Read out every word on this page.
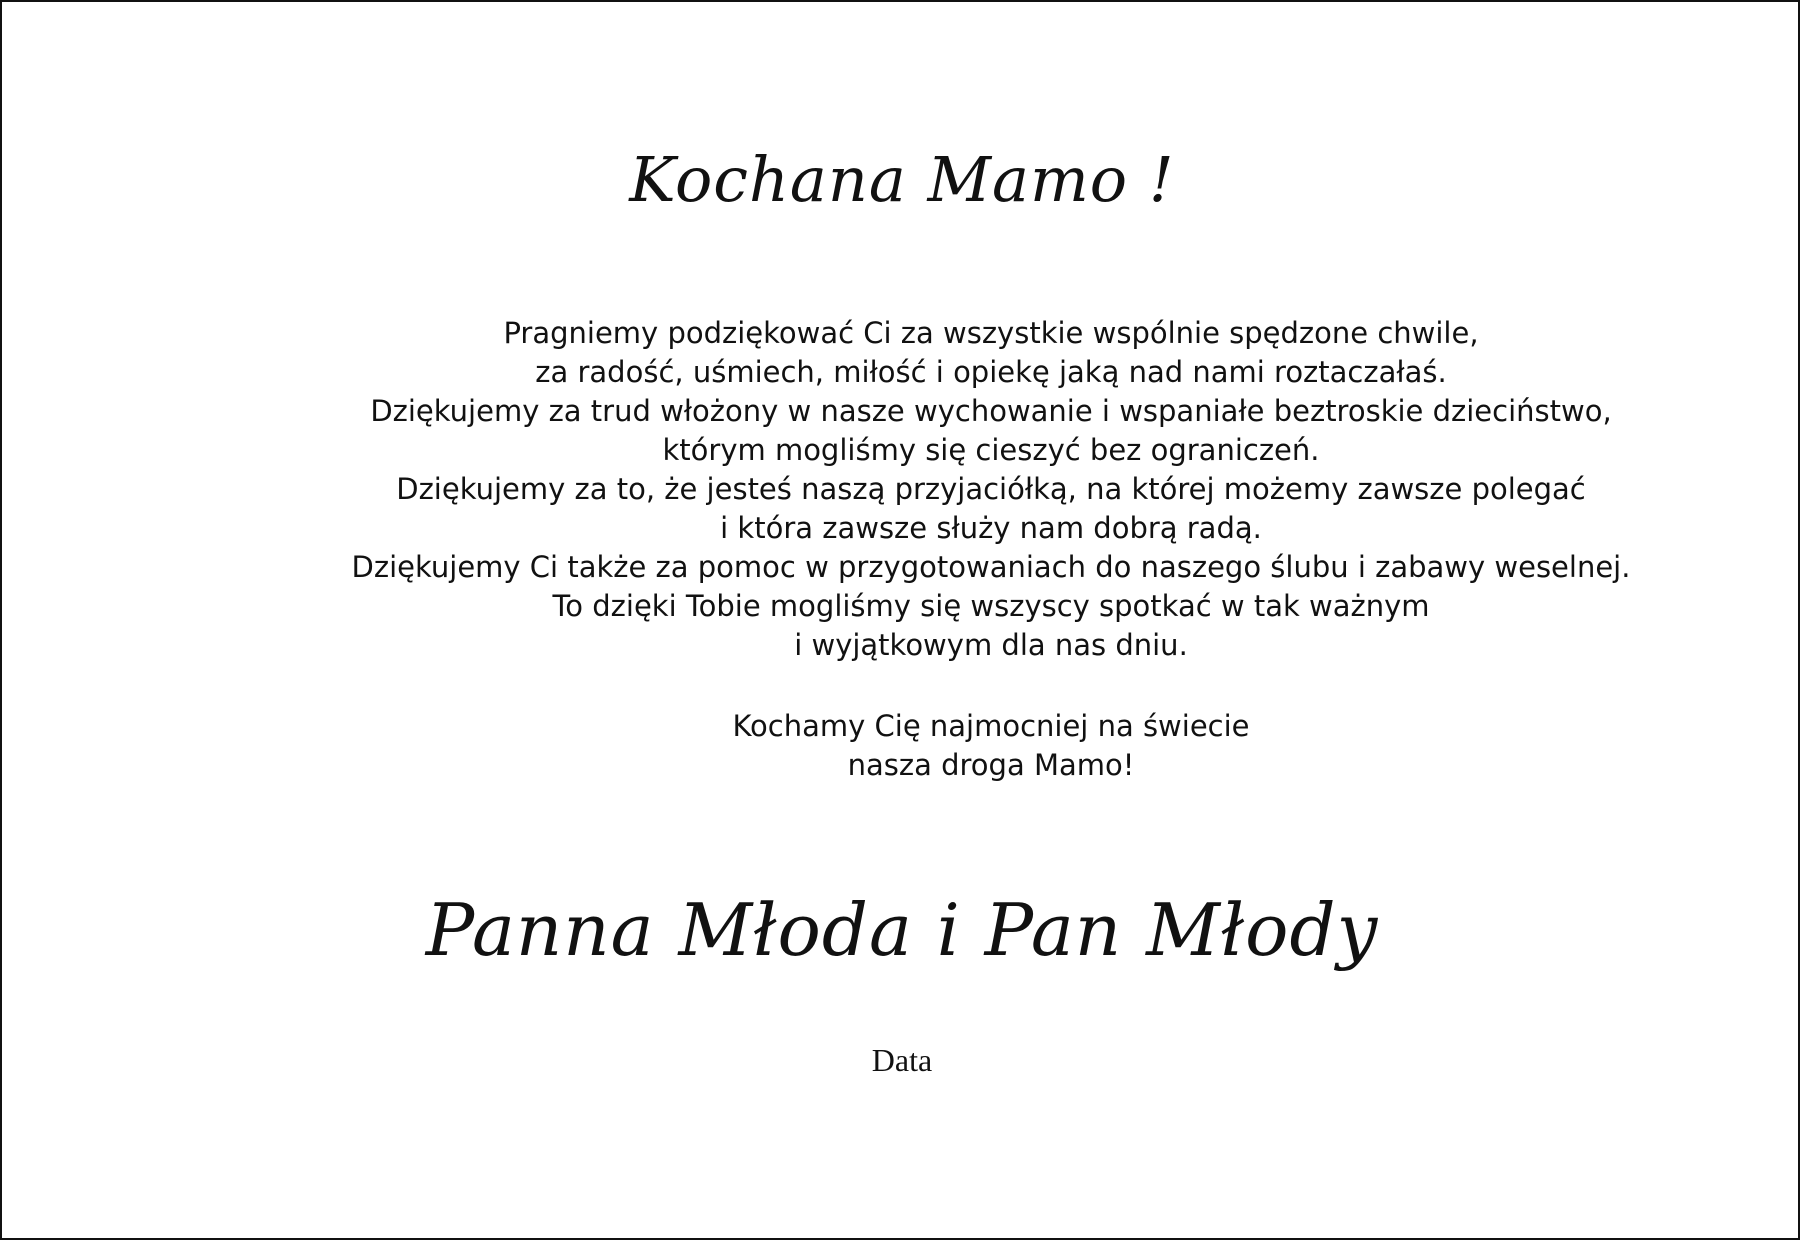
Kochana Mamo !
Pragniemy podziękować Ci za wszystkie wspólnie spędzone chwile,
za radość, uśmiech, miłość i opiekę jaką nad nami roztaczałaś.
Dziękujemy za trud włożony w nasze wychowanie i wspaniałe beztroskie dzieciństwo,
którym mogliśmy się cieszyć bez ograniczeń.
Dziękujemy za to, że jesteś naszą przyjaciółką, na której możemy zawsze polegać
i która zawsze służy nam dobrą radą.
Dziękujemy Ci także za pomoc w przygotowaniach do naszego ślubu i zabawy weselnej.
To dzięki Tobie mogliśmy się wszyscy spotkać w tak ważnym
i wyjątkowym dla nas dniu.
Kochamy Cię najmocniej na świecie
nasza droga Mamo!
Panna Młoda i Pan Młody
Data
